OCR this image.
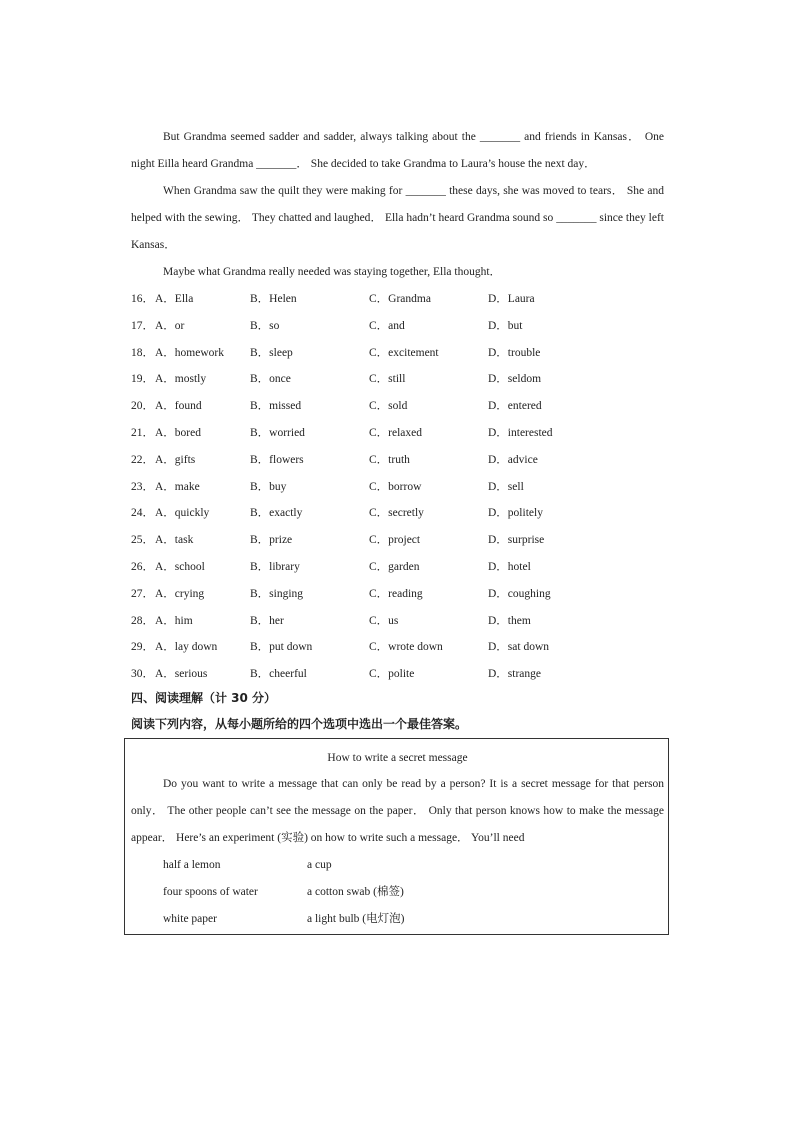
But Grandma seemed sadder and sadder, always talking about the _______ and friends in Kansas． One night Eilla heard Grandma _______． She decided to take Grandma to Laura’s house the next day．

When Grandma saw the quilt they were making for _______ these days, she was moved to tears． She and helped with the sewing． They chatted and laughed． Ella hadn’t heard Grandma sound so _______ since they left Kansas．

Maybe what Grandma really needed was staying together, Ella thought．

16． A．Ella	B．Helen	C．Grandma	D．Laura
17． A．or	B．so	C．and	D．but
18． A．homework B．sleep	C．excitement	D．trouble
19． A．mostly	B．once	C．still	D．seldom
20． A．found	B．missed	C．sold	D．entered
21． A．bored	B．worried	C．relaxed	D．interested
22． A．gifts	B．flowers	C．truth	D．advice
23． A．make	B．buy	C．borrow	D．sell
24． A．quickly	B．exactly	C．secretly	D．politely
25． A．task	B．prize	C．project	D．surprise
26． A．school	B．library	C．garden	D．hotel
27． A．crying	B．singing	C．reading	D．coughing
28． A．him	B．her	C．us	D．them
29． A．lay down	B．put down	C．wrote down	D．sat down
30． A．serious	B．cheerful	C．polite	D．strange
四、阅读理解（计 30 分）
阅读下列内容，从每小题所给的四个选项中选出一个最佳答案。

How to write a secret message

Do you want to write a message that can only be read by a person? It is a secret message for that person only． The other people can’t see the message on the paper． Only that person knows how to make the message appear． Here’s an experiment (实验) on how to write such a message． You’ll need

half a lemon	a cup
four spoons of water	a cotton swab (棉签)
white paper	a light bulb (电灯泡)
